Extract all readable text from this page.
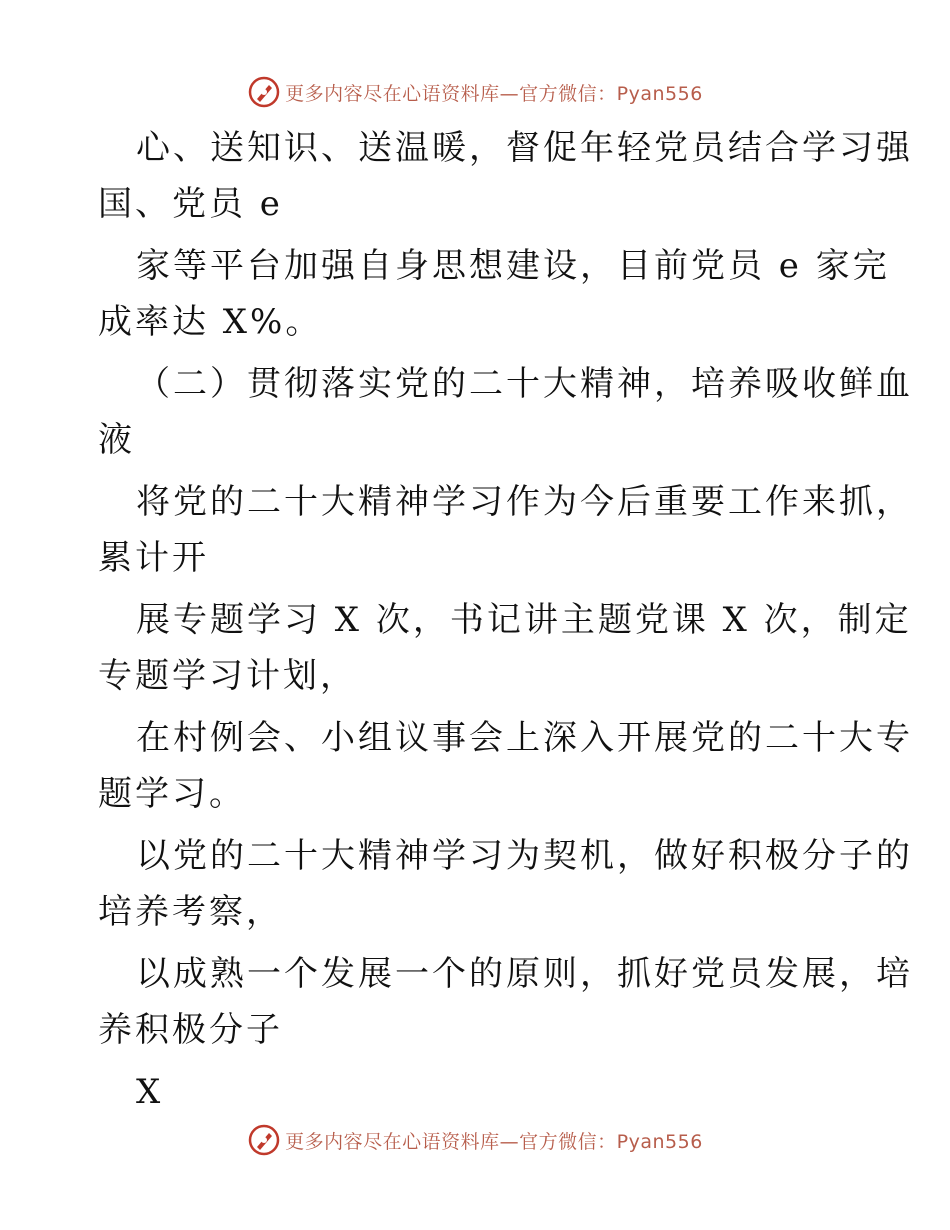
更多内容尽在心语资料库—官方微信：Pyan556
心、送知识、送温暖，督促年轻党员结合学习强
国、党员 e
家等平台加强自身思想建设，目前党员 e 家完
成率达 X%。
（二）贯彻落实党的二十大精神，培养吸收鲜血
液
将党的二十大精神学习作为今后重要工作来抓，
累计开
展专题学习 X 次，书记讲主题党课 X 次，制定
专题学习计划，
在村例会、小组议事会上深入开展党的二十大专
题学习。
以党的二十大精神学习为契机，做好积极分子的
培养考察，
以成熟一个发展一个的原则，抓好党员发展，培
养积极分子
X
更多内容尽在心语资料库—官方微信：Pyan556
